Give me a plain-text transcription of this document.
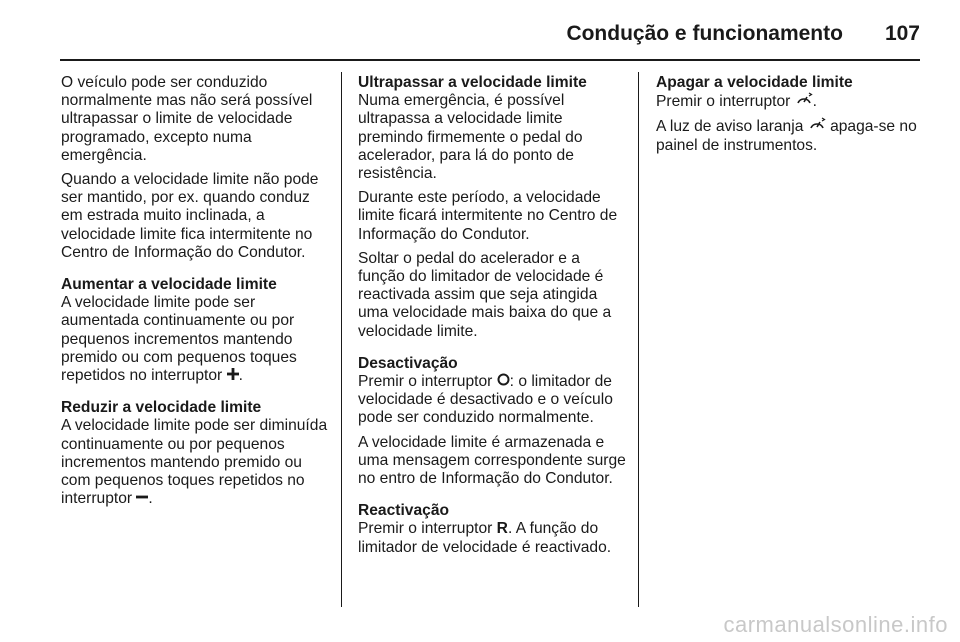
Condução e funcionamento 107

O veículo pode ser conduzido normalmente mas não será possível ultrapassar o limite de velocidade programado, excepto numa emergência.

Quando a velocidade limite não pode ser mantido, por ex. quando conduz em estrada muito inclinada, a velocidade limite fica intermitente no Centro de Informação do Condutor.

Aumentar a velocidade limite

A velocidade limite pode ser aumentada continuamente ou por pequenos incrementos mantendo premido ou com pequenos toques repetidos no interruptor .

Reduzir a velocidade limite

A velocidade limite pode ser diminuída continuamente ou por pequenos incrementos mantendo premido ou com pequenos toques repetidos no interruptor .

Ultrapassar a velocidade limite

Numa emergência, é possível ultrapassa a velocidade limite premindo firmemente o pedal do acelerador, para lá do ponto de resistência.

Durante este período, a velocidade limite ficará intermitente no Centro de Informação do Condutor.

Soltar o pedal do acelerador e a função do limitador de velocidade é reactivada assim que seja atingida uma velocidade mais baixa do que a velocidade limite.

Desactivação

Premir o interruptor : o limitador de velocidade é desactivado e o veículo pode ser conduzido normalmente.

A velocidade limite é armazenada e uma mensagem correspondente surge no entro de Informação do Condutor.

Reactivação

Premir o interruptor R. A função do limitador de velocidade é reactivado.

Apagar a velocidade limite

Premir o interruptor .

A luz de aviso laranja apaga-se no painel de instrumentos.

carmanualsonline.info
